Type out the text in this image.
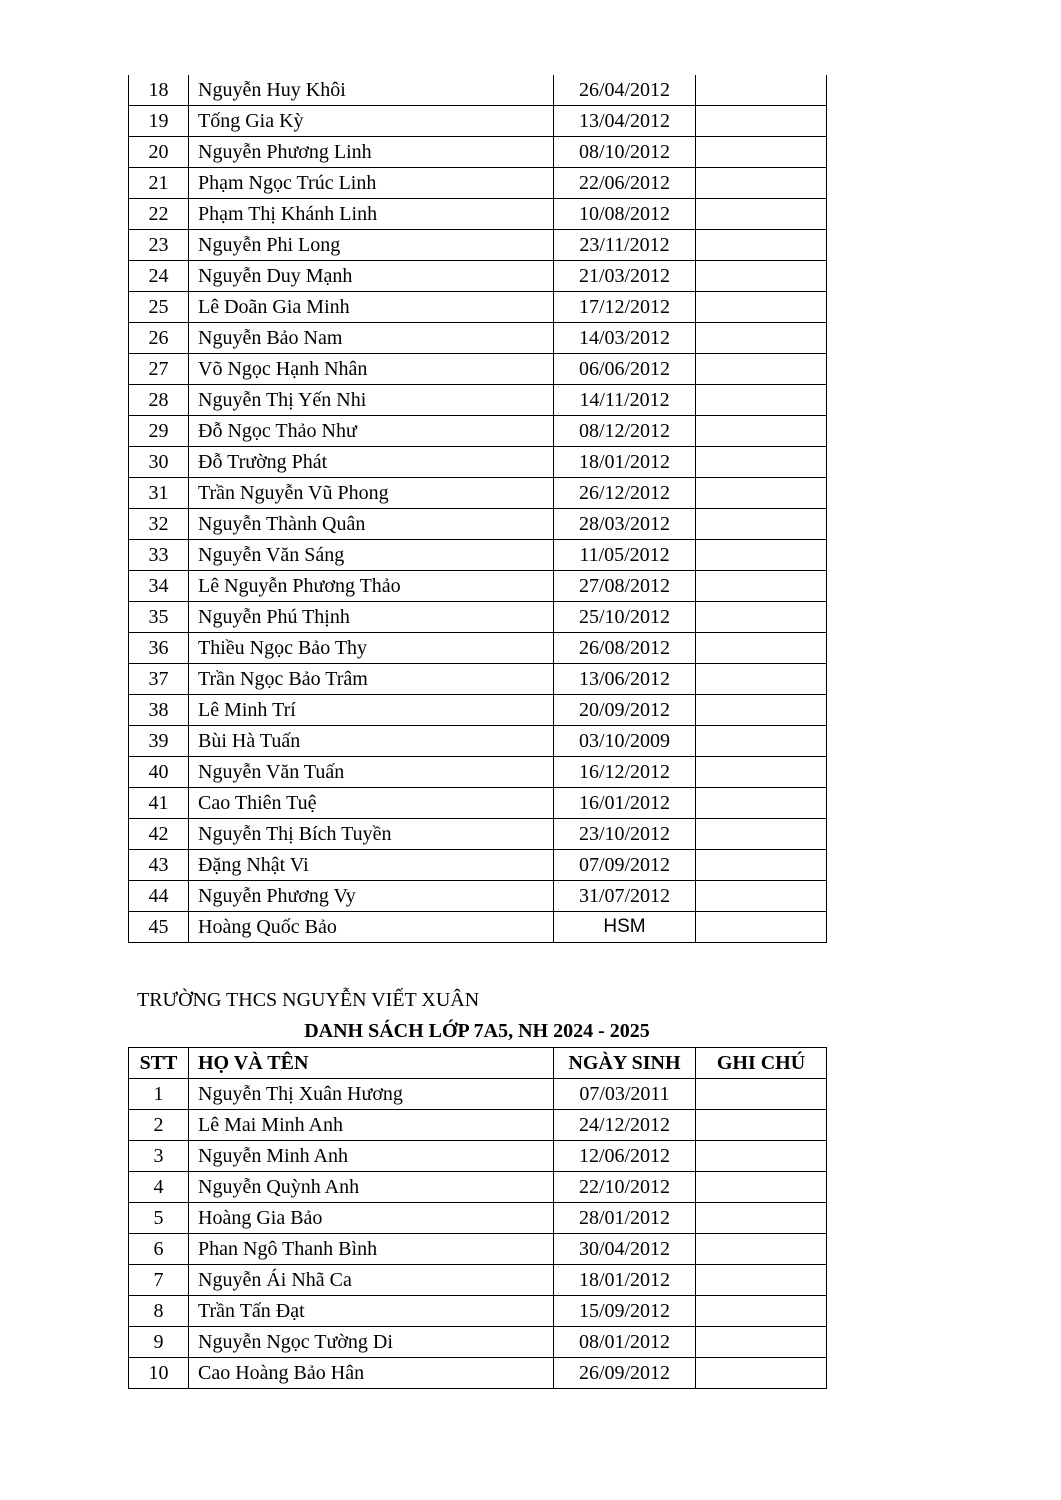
18	Nguyễn Huy Khôi	26/04/2012	
19	Tống Gia Kỳ	13/04/2012	
20	Nguyễn Phương Linh	08/10/2012	
21	Phạm Ngọc Trúc Linh	22/06/2012	
22	Phạm Thị Khánh Linh	10/08/2012	
23	Nguyễn Phi Long	23/11/2012	
24	Nguyễn Duy Mạnh	21/03/2012	
25	Lê Doãn Gia Minh	17/12/2012	
26	Nguyễn Bảo Nam	14/03/2012	
27	Võ Ngọc Hạnh Nhân	06/06/2012	
28	Nguyễn Thị Yến Nhi	14/11/2012	
29	Đỗ Ngọc Thảo Như	08/12/2012	
30	Đỗ Trường Phát	18/01/2012	
31	Trần Nguyễn Vũ Phong	26/12/2012	
32	Nguyễn Thành Quân	28/03/2012	
33	Nguyễn Văn Sáng	11/05/2012	
34	Lê Nguyễn Phương Thảo	27/08/2012	
35	Nguyễn Phú Thịnh	25/10/2012	
36	Thiều Ngọc Bảo Thy	26/08/2012	
37	Trần Ngọc Bảo Trâm	13/06/2012	
38	Lê Minh Trí	20/09/2012	
39	Bùi Hà Tuấn	03/10/2009	
40	Nguyễn Văn Tuấn	16/12/2012	
41	Cao Thiên Tuệ	16/01/2012	
42	Nguyễn Thị Bích Tuyền	23/10/2012	
43	Đặng Nhật Vi	07/09/2012	
44	Nguyễn Phương Vy	31/07/2012	
45	Hoàng Quốc Bảo	HSM	
TRƯỜNG THCS NGUYỄN VIẾT XUÂN
DANH SÁCH LỚP 7A5, NH 2024 - 2025
STT	HỌ VÀ TÊN	NGÀY SINH	GHI CHÚ
1	Nguyễn Thị Xuân Hương	07/03/2011	
2	Lê Mai Minh Anh	24/12/2012	
3	Nguyễn Minh Anh	12/06/2012	
4	Nguyễn Quỳnh Anh	22/10/2012	
5	Hoàng Gia Bảo	28/01/2012	
6	Phan Ngô Thanh Bình	30/04/2012	
7	Nguyễn Ái Nhã Ca	18/01/2012	
8	Trần Tấn Đạt	15/09/2012	
9	Nguyễn Ngọc Tường Di	08/01/2012	
10	Cao Hoàng Bảo Hân	26/09/2012	
